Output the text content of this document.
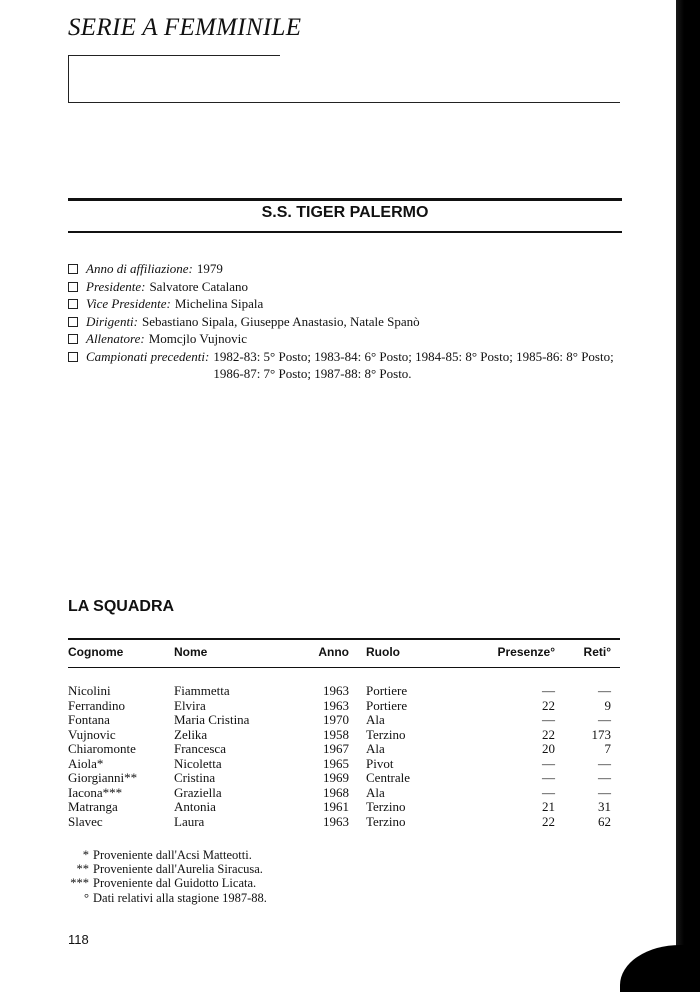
SERIE A FEMMINILE
S.S. TIGER PALERMO
Anno di affiliazione: 1979
Presidente: Salvatore Catalano
Vice Presidente: Michelina Sipala
Dirigenti: Sebastiano Sipala, Giuseppe Anastasio, Natale Spanò
Allenatore: Momcjlo Vujnovic
Campionati precedenti: 1982-83: 5° Posto; 1983-84: 6° Posto; 1984-85: 8° Posto; 1985-86: 8° Posto; 1986-87: 7° Posto; 1987-88: 8° Posto.
LA SQUADRA
Cognome	Nome	Anno Ruolo	Presenze° Reti°
Nicolini	Fiammetta	1963 Portiere	—	—
Ferrandino	Elvira	1963 Portiere	22	9
Fontana	Maria Cristina	1970 Ala	—	—
Vujnovic	Zelika	1958 Terzino	22	173
Chiaromonte	Francesca	1967 Ala	20	7
Aiola*	Nicoletta	1965 Pivot	—	—
Giorgianni**	Cristina	1969 Centrale	—	—
Iacona***	Graziella	1968 Ala	—	—
Matranga	Antonia	1961 Terzino	21	31
Slavec	Laura	1963 Terzino	22	62
* Proveniente dall'Acsi Matteotti.
** Proveniente dall'Aurelia Siracusa.
*** Proveniente dal Guidotto Licata.
° Dati relativi alla stagione 1987-88.
118
